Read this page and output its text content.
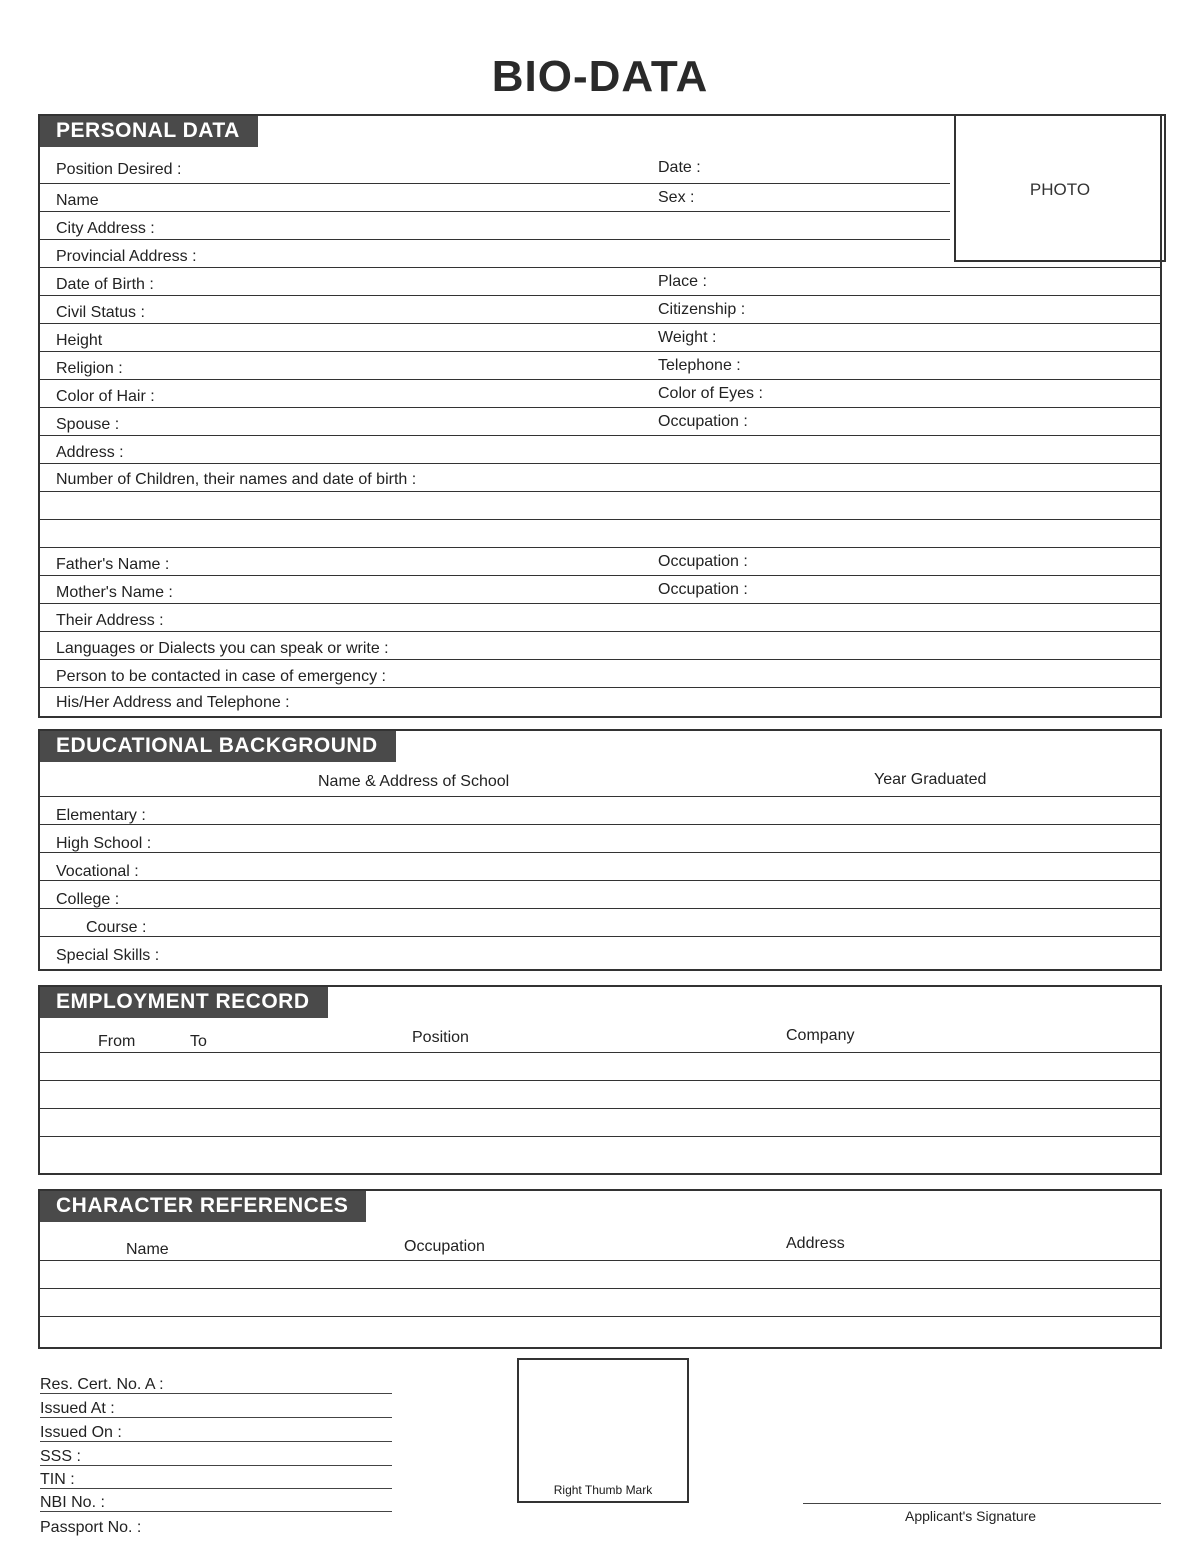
BIO-DATA
PERSONAL DATA
PHOTO
Position Desired :	Date :
Name	Sex :
City Address :
Provincial Address :
Date of Birth :	Place :
Civil Status :	Citizenship :
Height	Weight :
Religion :	Telephone :
Color of Hair :	Color of Eyes :
Spouse :	Occupation :
Address :
Number of Children, their names and date of birth :
Father's Name :	Occupation :
Mother's Name :	Occupation :
Their Address :
Languages or Dialects you can speak or write :
Person to be contacted in case of emergency :
His/Her Address and Telephone :
EDUCATIONAL BACKGROUND
Name & Address of School	Year Graduated
Elementary :
High School :
Vocational :
College :
Course :
Special Skills :
EMPLOYMENT RECORD
From	To	Position	Company
CHARACTER REFERENCES
Name	Occupation	Address
Res. Cert. No. A :
Issued At :
Issued On :
SSS :
TIN :
NBI No. :
Passport No. :
Right Thumb Mark
Applicant's Signature
